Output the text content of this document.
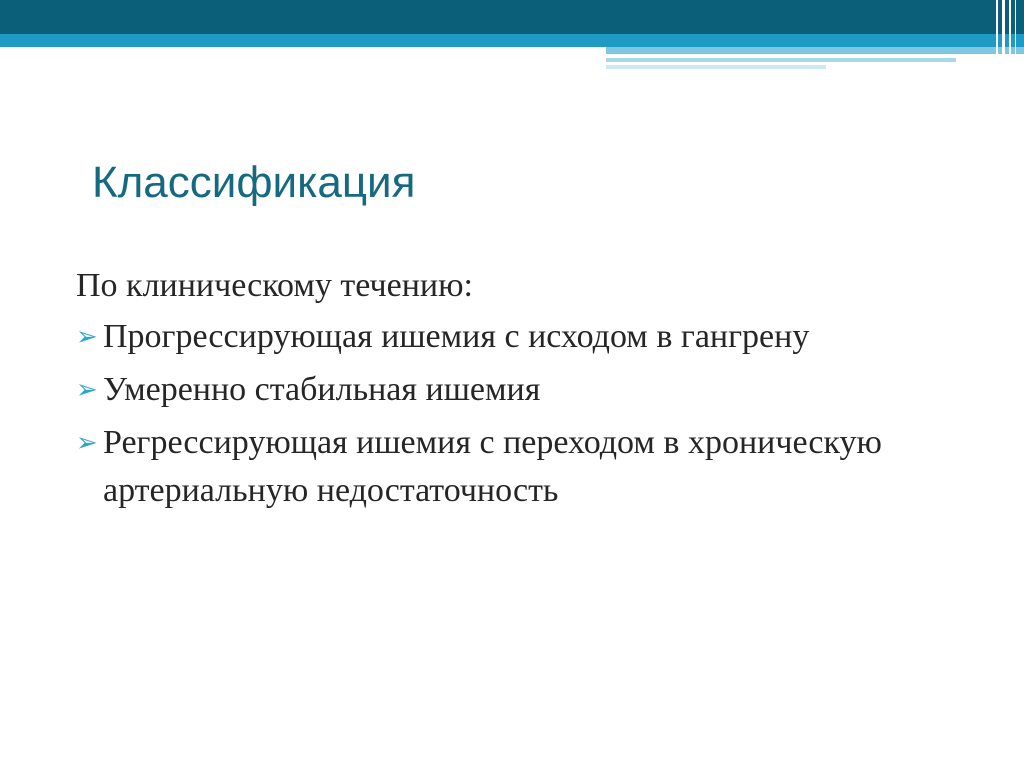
Классификация

По клиническому течению:

➢ Прогрессирующая ишемия с исходом в гангрену
➢ Умеренно стабильная ишемия
➢ Регрессирующая ишемия с переходом в хроническую артериальную недостаточность
